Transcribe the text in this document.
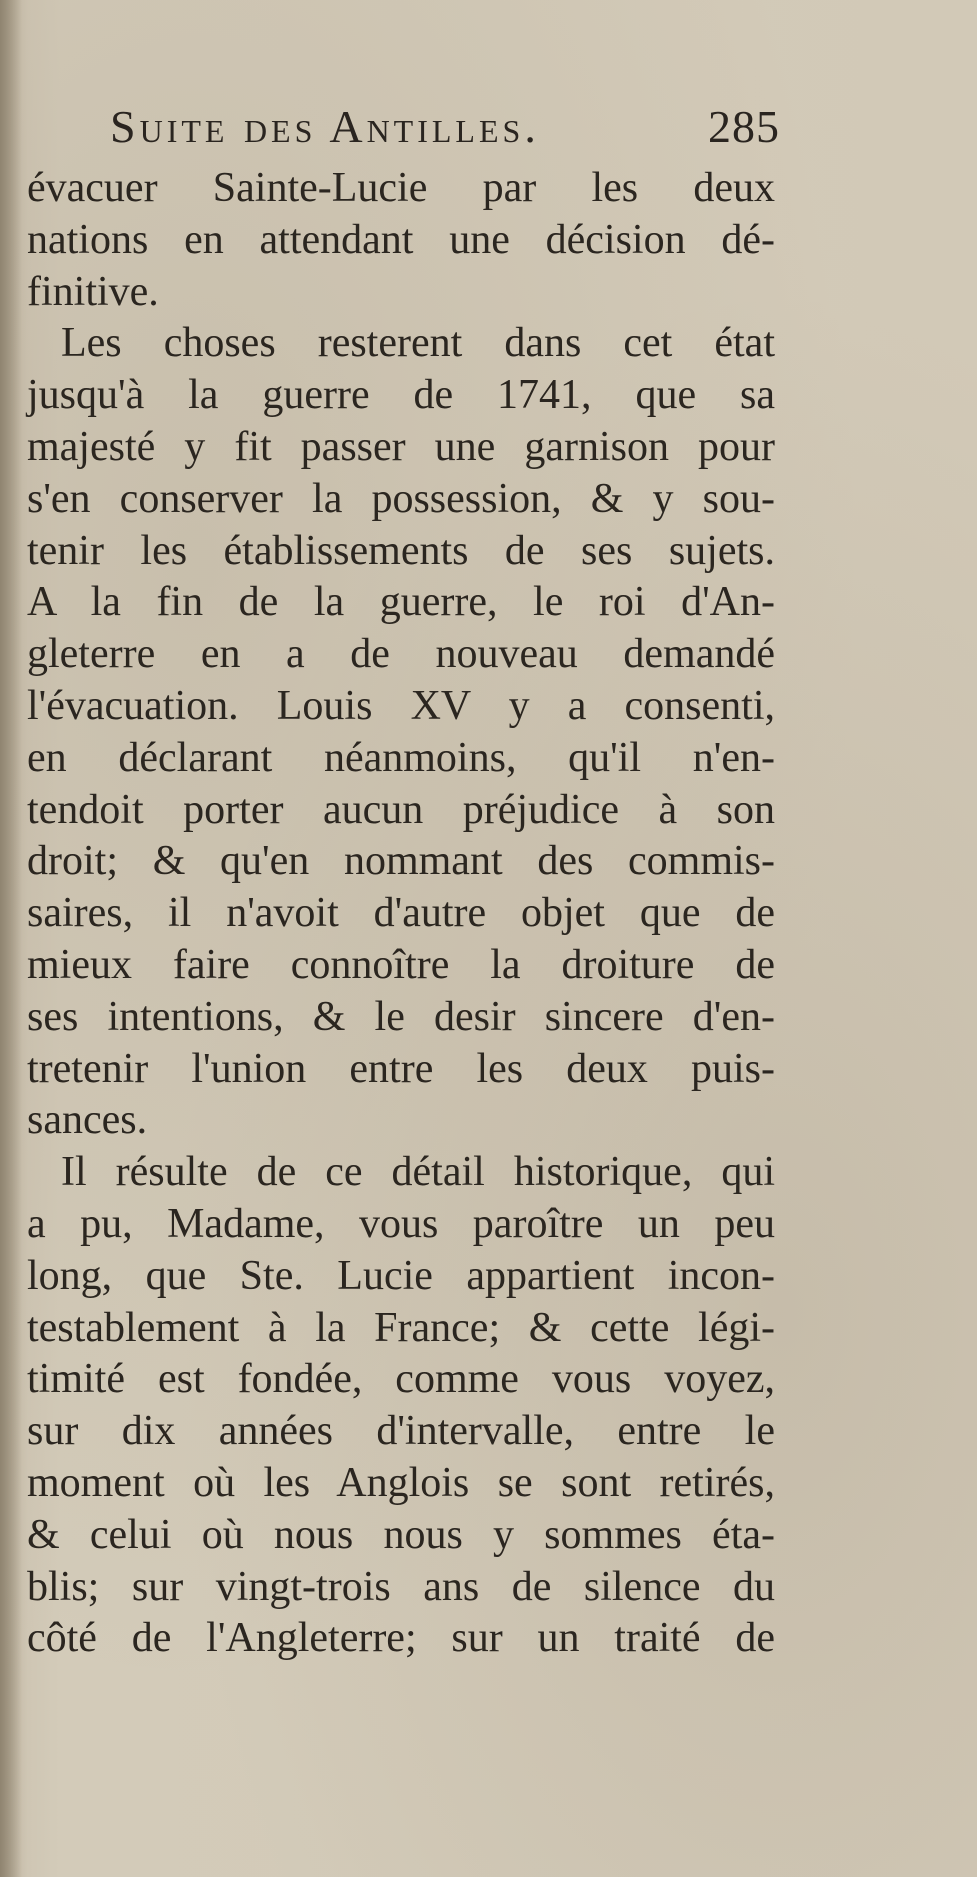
Suite des Antilles.	285
évacuer Sainte-Lucie par les deux
nations en attendant une décision dé-
finitive.
Les choses resterent dans cet état
jusqu'à la guerre de 1741, que sa
majesté y fit passer une garnison pour
s'en conserver la possession, & y sou-
tenir les établissements de ses sujets.
A la fin de la guerre, le roi d'An-
gleterre en a de nouveau demandé
l'évacuation. Louis XV y a consenti,
en déclarant néanmoins, qu'il n'en-
tendoit porter aucun préjudice à son
droit; & qu'en nommant des commis-
saires, il n'avoit d'autre objet que de
mieux faire connoître la droiture de
ses intentions, & le desir sincere d'en-
tretenir l'union entre les deux puis-
sances.
Il résulte de ce détail historique, qui
a pu, Madame, vous paroître un peu
long, que Ste. Lucie appartient incon-
testablement à la France; & cette légi-
timité est fondée, comme vous voyez,
sur dix années d'intervalle, entre le
moment où les Anglois se sont retirés,
& celui où nous nous y sommes éta-
blis; sur vingt-trois ans de silence du
côté de l'Angleterre; sur un traité de
